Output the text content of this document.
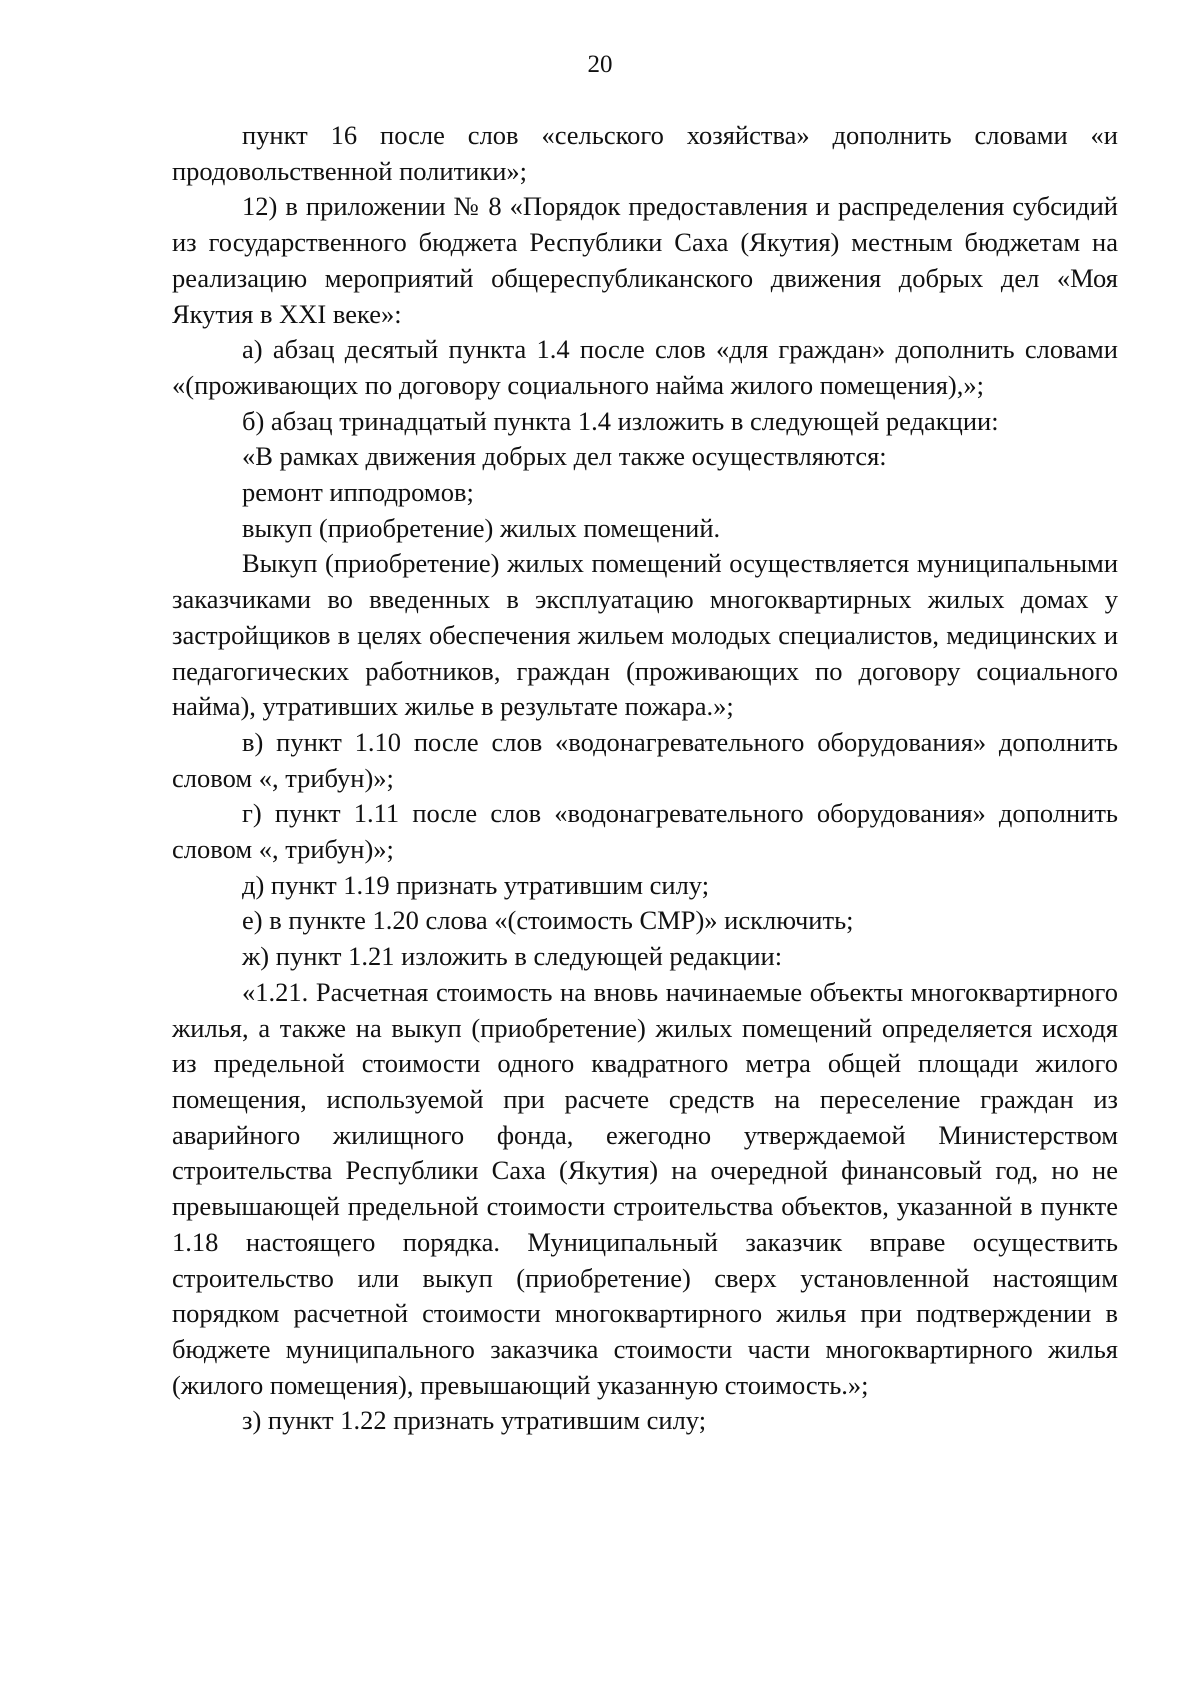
20

пункт 16 после слов «сельского хозяйства» дополнить словами «и продовольственной политики»;

12) в приложении № 8 «Порядок предоставления и распределения субсидий из государственного бюджета Республики Саха (Якутия) местным бюджетам на реализацию мероприятий общереспубликанского движения добрых дел «Моя Якутия в XXI веке»:

а) абзац десятый пункта 1.4 после слов «для граждан» дополнить словами «(проживающих по договору социального найма жилого помещения),»;

б) абзац тринадцатый пункта 1.4 изложить в следующей редакции:

«В рамках движения добрых дел также осуществляются:

ремонт ипподромов;

выкуп (приобретение) жилых помещений.

Выкуп (приобретение) жилых помещений осуществляется муниципальными заказчиками во введенных в эксплуатацию многоквартирных жилых домах у застройщиков в целях обеспечения жильем молодых специалистов, медицинских и педагогических работников, граждан (проживающих по договору социального найма), утративших жилье в результате пожара.»;

в) пункт 1.10 после слов «водонагревательного оборудования» дополнить словом «, трибун)»;

г) пункт 1.11 после слов «водонагревательного оборудования» дополнить словом «, трибун)»;

д) пункт 1.19 признать утратившим силу;

е) в пункте 1.20 слова «(стоимость СМР)» исключить;

ж) пункт 1.21 изложить в следующей редакции:

«1.21. Расчетная стоимость на вновь начинаемые объекты многоквартирного жилья, а также на выкуп (приобретение) жилых помещений определяется исходя из предельной стоимости одного квадратного метра общей площади жилого помещения, используемой при расчете средств на переселение граждан из аварийного жилищного фонда, ежегодно утверждаемой Министерством строительства Республики Саха (Якутия) на очередной финансовый год, но не превышающей предельной стоимости строительства объектов, указанной в пункте 1.18 настоящего порядка. Муниципальный заказчик вправе осуществить строительство или выкуп (приобретение) сверх установленной настоящим порядком расчетной стоимости многоквартирного жилья при подтверждении в бюджете муниципального заказчика стоимости части многоквартирного жилья (жилого помещения), превышающий указанную стоимость.»;

з) пункт 1.22 признать утратившим силу;
